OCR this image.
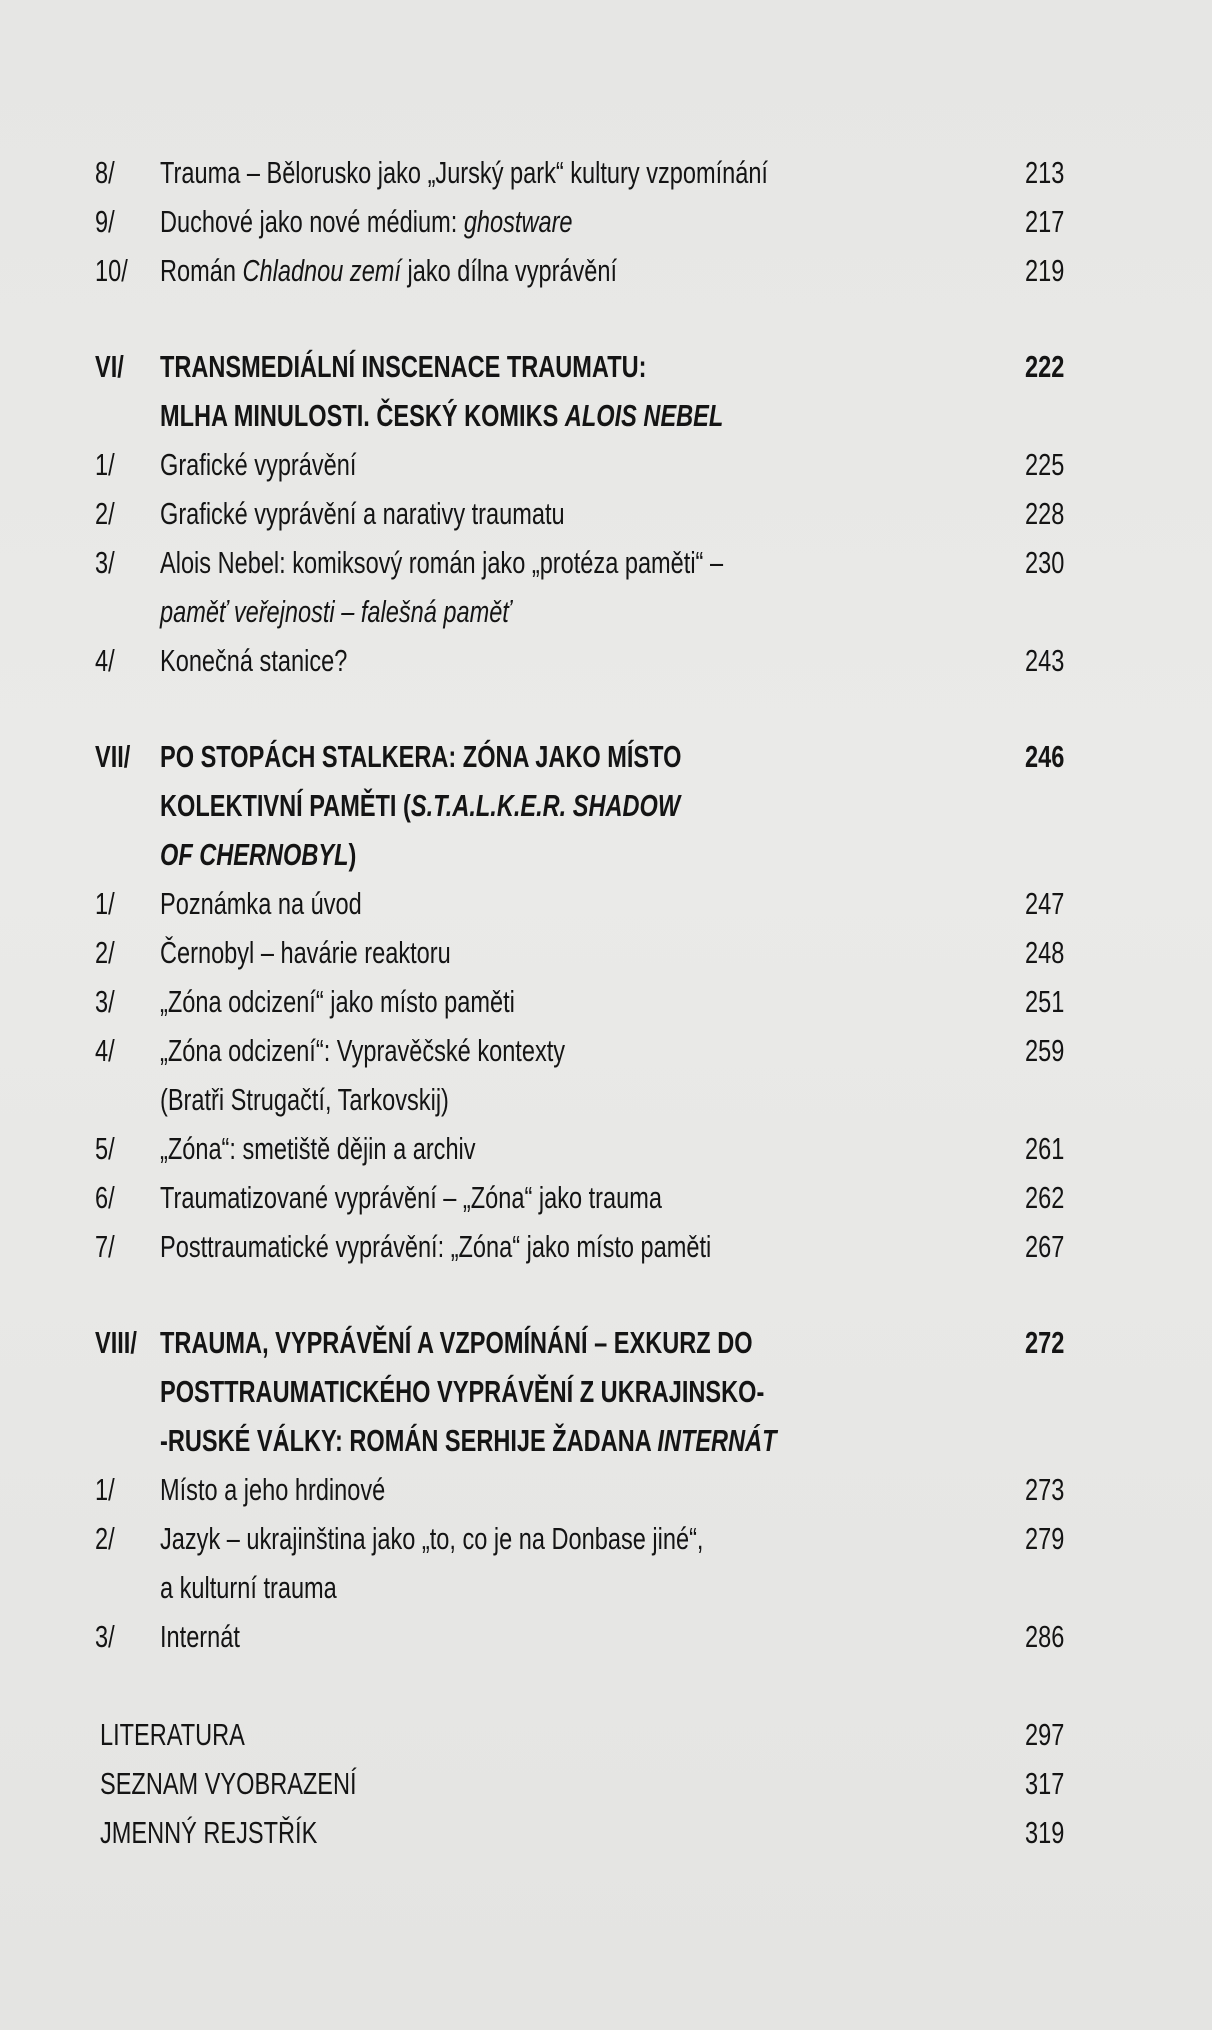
8/ Trauma – Bělorusko jako „Jurský park“ kultury vzpomínání	213
9/ Duchové jako nové médium: ghostware	217
10/ Román Chladnou zemí jako dílna vyprávění	219
VI/ TRANSMEDIÁLNÍ INSCENACE TRAUMATU:	222
MLHA MINULOSTI. ČESKÝ KOMIKS ALOIS NEBEL
1/ Grafické vyprávění	225
2/ Grafické vyprávění a narativy traumatu	228
3/ Alois Nebel: komiksový román jako „protéza paměti“ –	230
paměť veřejnosti – falešná paměť
4/ Konečná stanice?	243
VII/ PO STOPÁCH STALKERA: ZÓNA JAKO MÍSTO	246
KOLEKTIVNÍ PAMĚTI (S.T.A.L.K.E.R. SHADOW
OF CHERNOBYL)
1/ Poznámka na úvod	247
2/ Černobyl – havárie reaktoru	248
3/ „Zóna odcizení“ jako místo paměti	251
4/ „Zóna odcizení“: Vypravěčské kontexty	259
(Bratři Strugačtí, Tarkovskij)
5/ „Zóna“: smetiště dějin a archiv	261
6/ Traumatizované vyprávění – „Zóna“ jako trauma	262
7/ Posttraumatické vyprávění: „Zóna“ jako místo paměti	267
VIII/ TRAUMA, VYPRÁVĚNÍ A VZPOMÍNÁNÍ – EXKURZ DO	272
POSTTRAUMATICKÉHO VYPRÁVĚNÍ Z UKRAJINSKO-
-RUSKÉ VÁLKY: ROMÁN SERHIJE ŽADANA INTERNÁT
1/ Místo a jeho hrdinové	273
2/ Jazyk – ukrajinština jako „to, co je na Donbase jiné“,	279
a kulturní trauma
3/ Internát	286
LITERATURA	297
SEZNAM VYOBRAZENÍ	317
JMENNÝ REJSTŘÍK	319
